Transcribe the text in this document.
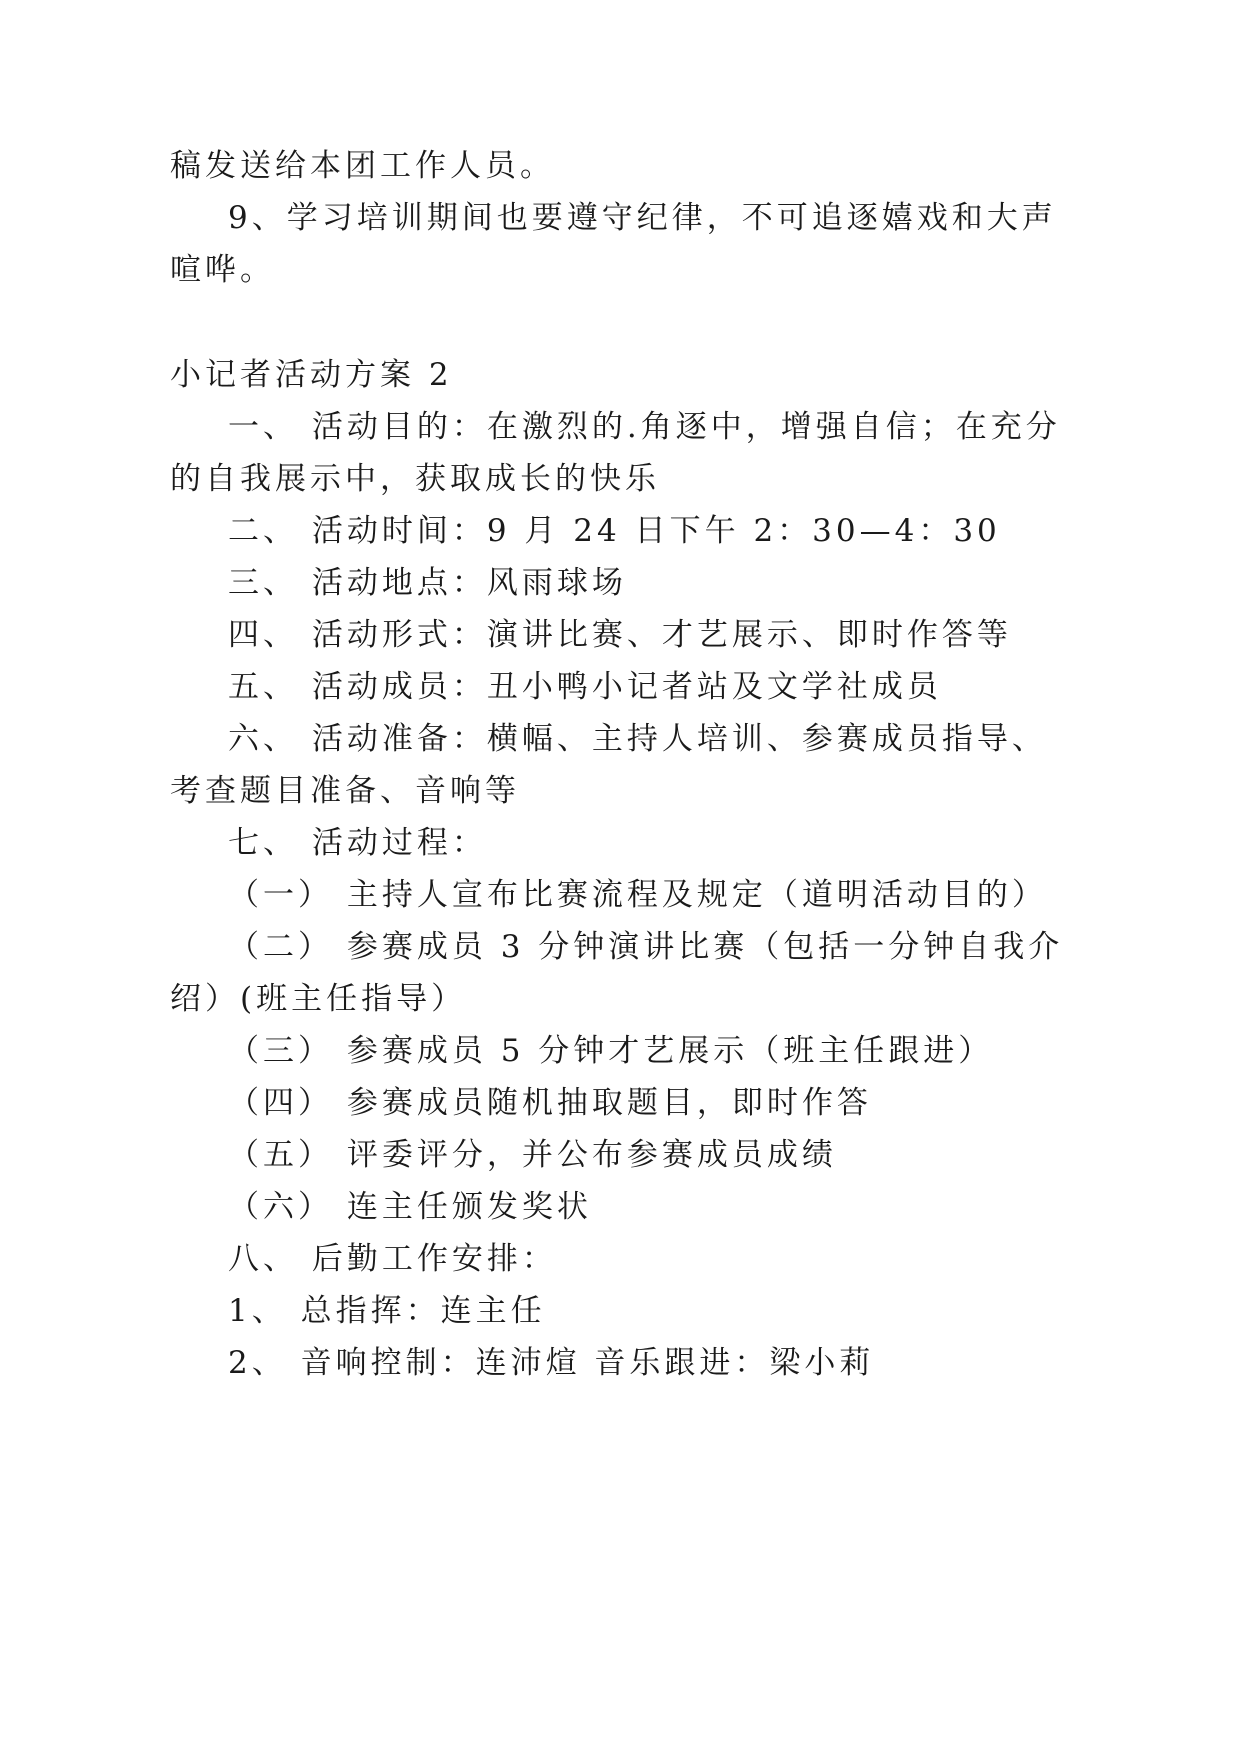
稿发送给本团工作人员。

9、学习培训期间也要遵守纪律，不可追逐嬉戏和大声

喧哗。

小记者活动方案 2

一、 活动目的：在激烈的.角逐中，增强自信；在充分

的自我展示中，获取成长的快乐

二、 活动时间：9 月 24 日下午 2：30—4：30

三、 活动地点：风雨球场

四、 活动形式：演讲比赛、才艺展示、即时作答等

五、 活动成员：丑小鸭小记者站及文学社成员

六、 活动准备：横幅、主持人培训、参赛成员指导、

考查题目准备、音响等

七、 活动过程：

（一） 主持人宣布比赛流程及规定（道明活动目的）

（二） 参赛成员 3 分钟演讲比赛（包括一分钟自我介

绍）(班主任指导）

（三） 参赛成员 5 分钟才艺展示（班主任跟进）

（四） 参赛成员随机抽取题目，即时作答

（五） 评委评分，并公布参赛成员成绩

（六） 连主任颁发奖状

八、 后勤工作安排：

1、 总指挥：连主任

2、 音响控制：连沛煊 音乐跟进：梁小莉
